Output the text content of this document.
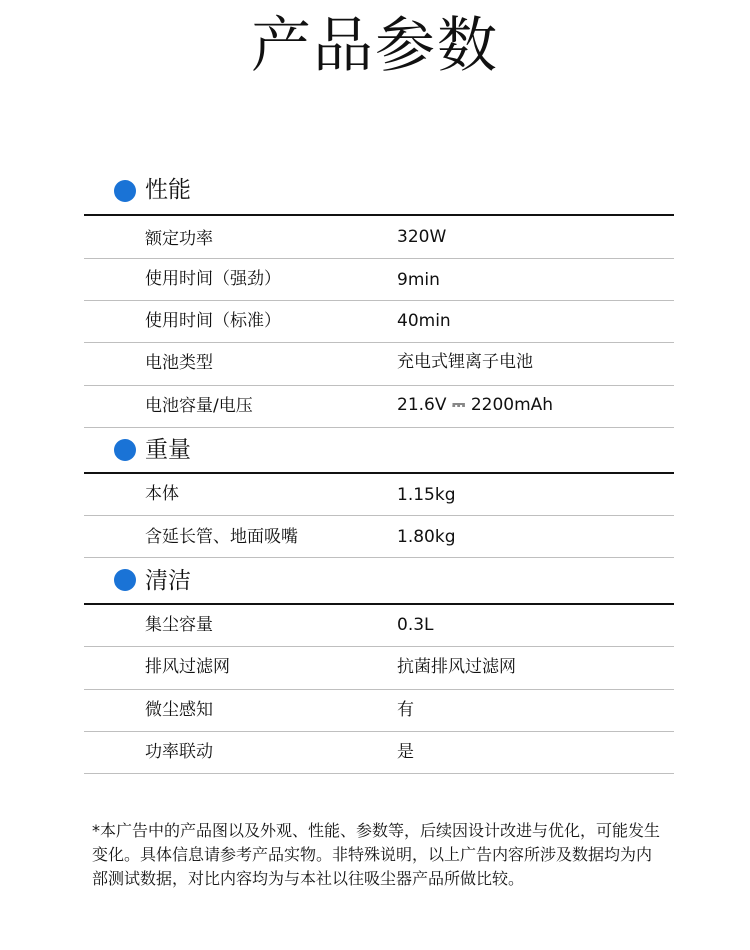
产品参数
性能
额定功率	320W
使用时间（强劲）	9min
使用时间（标准）	40min
电池类型	充电式锂离子电池
电池容量/电压	21.6V ⎓ 2200mAh
重量
本体	1.15kg
含延长管、地面吸嘴	1.80kg
清洁
集尘容量	0.3L
排风过滤网	抗菌排风过滤网
微尘感知	有
功率联动	是
*本广告中的产品图以及外观、性能、参数等，后续因设计改进与优化，可能发生变化。具体信息请参考产品实物。非特殊说明，以上广告内容所涉及数据均为内部测试数据，对比内容均为与本社以往吸尘器产品所做比较。
